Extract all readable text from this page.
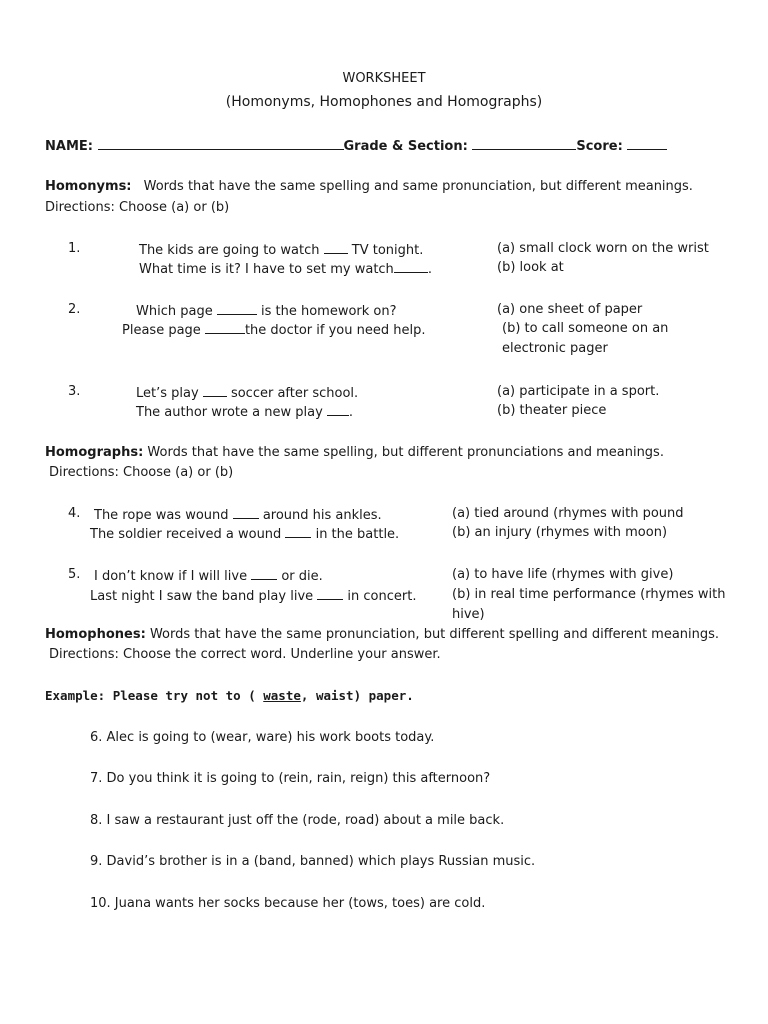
WORKSHEET
(Homonyms, Homophones and Homographs)
NAME:	Grade & Section:	Score:
Homonyms: Words that have the same spelling and same pronunciation, but different meanings.
Directions: Choose (a) or (b)
1.	The kids are going to watch TV tonight.
What time is it? I have to set my watch	.
(a) small clock worn on the wrist
(b) look at
2.	Which page	is the homework on?
Please page	the doctor if you need help.
(a) one sheet of paper
(b) to call someone on an
electronic pager
3.	Let’s play soccer after school.
The author wrote a new play .
(a) participate in a sport.
(b) theater piece
Homographs: Words that have the same spelling, but different pronunciations and meanings.
Directions: Choose (a) or (b)
4. The rope was wound	around his ankles.
The soldier received a wound	in the battle.
(a) tied around (rhymes with pound
(b) an injury (rhymes with moon)
5. I don’t know if I will live	or die.
Last night I saw the band play live	in concert.
(a) to have life (rhymes with give)
(b) in real time performance (rhymes with
hive)
Homophones: Words that have the same pronunciation, but different spelling and different meanings.
Directions: Choose the correct word. Underline your answer.
Example: Please try not to ( waste, waist) paper.
6. Alec is going to (wear, ware) his work boots today.
7. Do you think it is going to (rein, rain, reign) this afternoon?
8. I saw a restaurant just off the (rode, road) about a mile back.
9. David’s brother is in a (band, banned) which plays Russian music.
10. Juana wants her socks because her (tows, toes) are cold.
